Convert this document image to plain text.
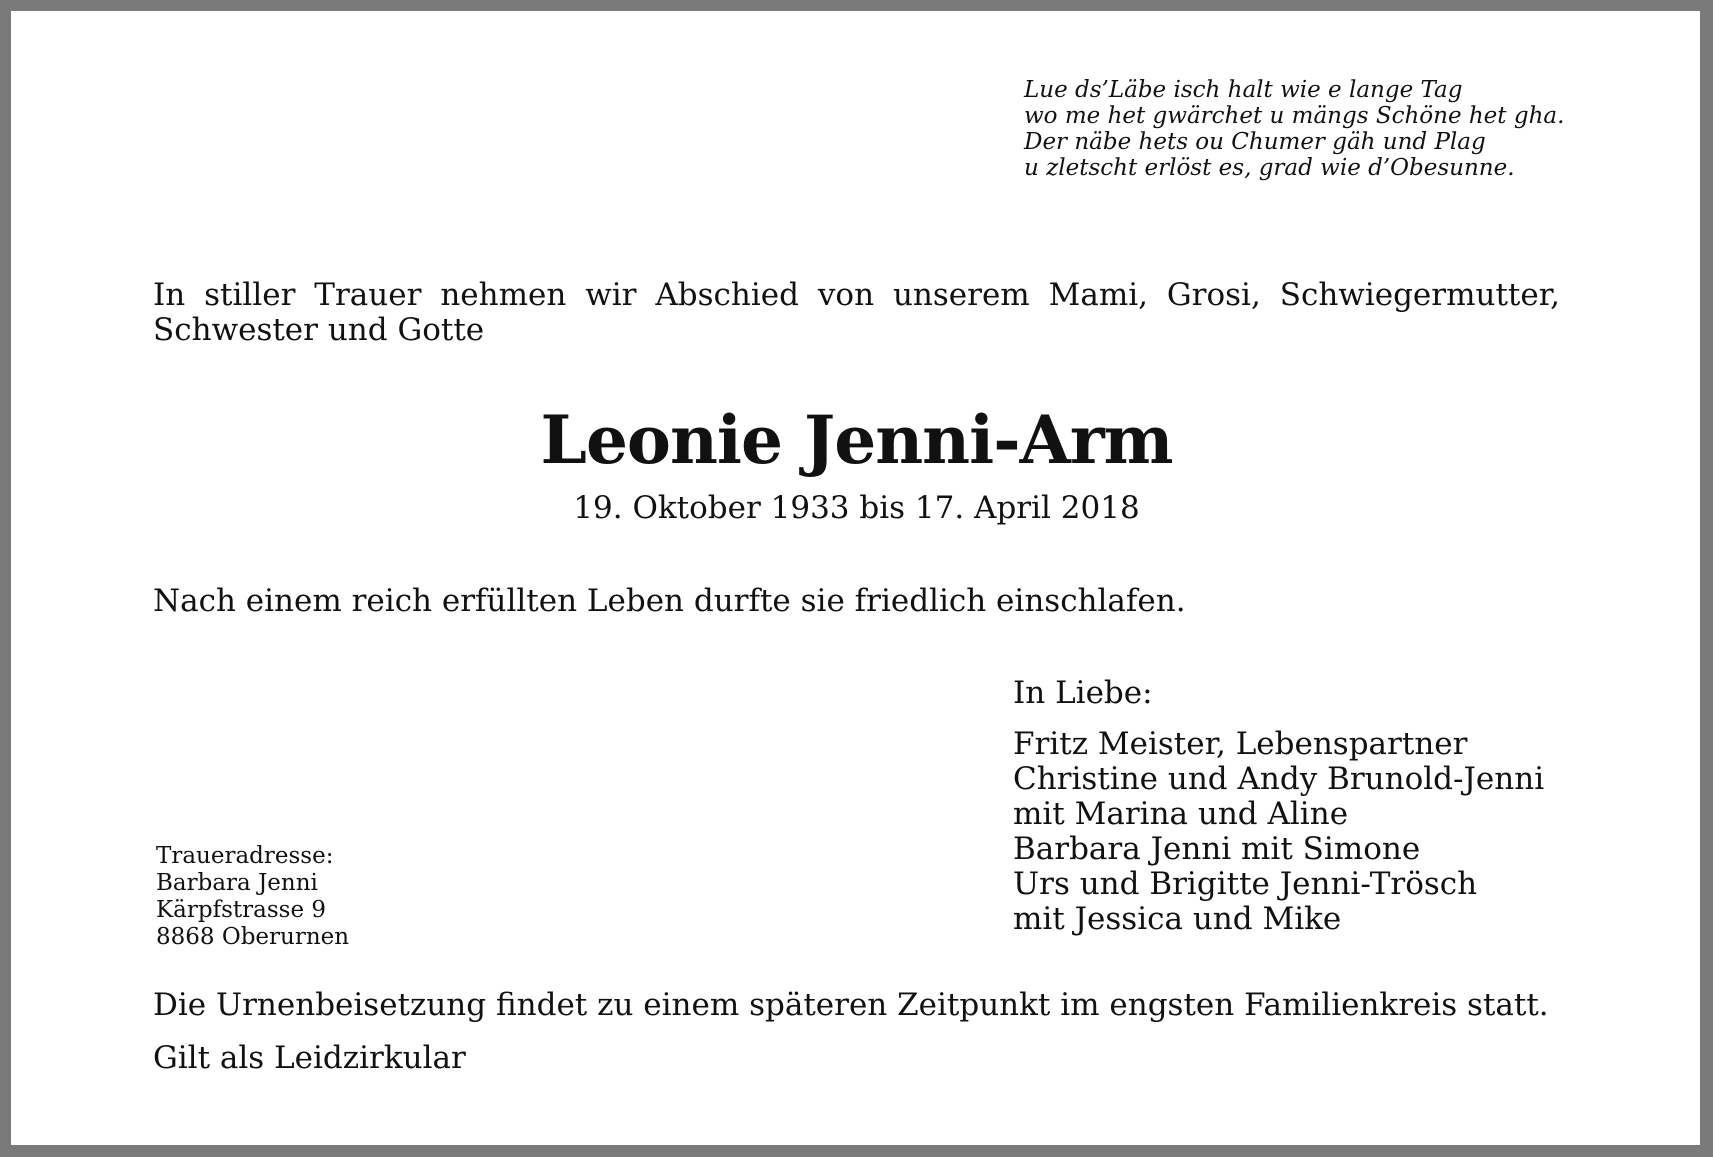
Lue ds’Läbe isch halt wie e lange Tag
wo me het gwärchet u mängs Schöne het gha.
Der näbe hets ou Chumer gäh und Plag
u zletscht erlöst es, grad wie d’Obesunne.
In stiller Trauer nehmen wir Abschied von unserem Mami, Grosi, Schwiegermutter, Schwester und Gotte
Leonie Jenni-Arm
19. Oktober 1933 bis 17. April 2018
Nach einem reich erfüllten Leben durfte sie friedlich einschlafen.
In Liebe:
Fritz Meister, Lebenspartner
Christine und Andy Brunold-Jenni
mit Marina und Aline
Barbara Jenni mit Simone
Urs und Brigitte Jenni-Trösch
mit Jessica und Mike
Traueradresse:
Barbara Jenni
Kärpfstrasse 9
8868 Oberurnen
Die Urnenbeisetzung findet zu einem späteren Zeitpunkt im engsten Familienkreis statt.
Gilt als Leidzirkular
